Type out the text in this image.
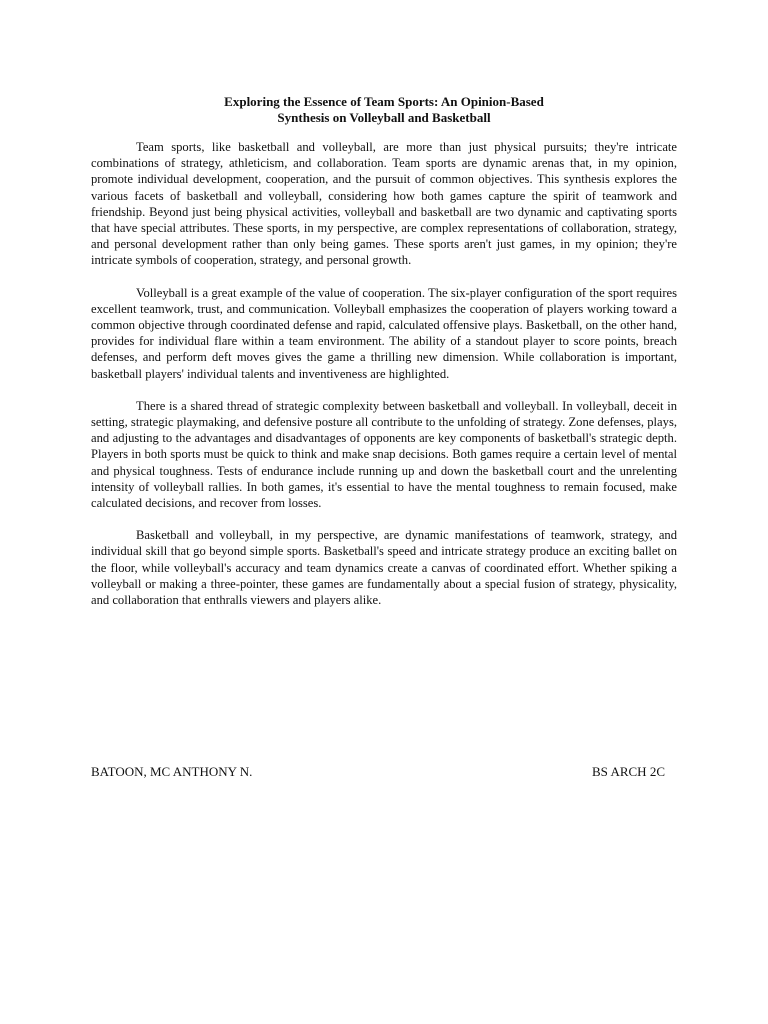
Exploring the Essence of Team Sports: An Opinion-Based
Synthesis on Volleyball and Basketball

Team sports, like basketball and volleyball, are more than just physical pursuits; they're intricate combinations of strategy, athleticism, and collaboration. Team sports are dynamic arenas that, in my opinion, promote individual development, cooperation, and the pursuit of common objectives. This synthesis explores the various facets of basketball and volleyball, considering how both games capture the spirit of teamwork and friendship. Beyond just being physical activities, volleyball and basketball are two dynamic and captivating sports that have special attributes. These sports, in my perspective, are complex representations of collaboration, strategy, and personal development rather than only being games. These sports aren't just games, in my opinion; they're intricate symbols of cooperation, strategy, and personal growth.

Volleyball is a great example of the value of cooperation. The six-player configuration of the sport requires excellent teamwork, trust, and communication. Volleyball emphasizes the cooperation of players working toward a common objective through coordinated defense and rapid, calculated offensive plays. Basketball, on the other hand, provides for individual flare within a team environment. The ability of a standout player to score points, breach defenses, and perform deft moves gives the game a thrilling new dimension. While collaboration is important, basketball players' individual talents and inventiveness are highlighted.

There is a shared thread of strategic complexity between basketball and volleyball. In volleyball, deceit in setting, strategic playmaking, and defensive posture all contribute to the unfolding of strategy. Zone defenses, plays, and adjusting to the advantages and disadvantages of opponents are key components of basketball's strategic depth. Players in both sports must be quick to think and make snap decisions. Both games require a certain level of mental and physical toughness. Tests of endurance include running up and down the basketball court and the unrelenting intensity of volleyball rallies. In both games, it's essential to have the mental toughness to remain focused, make calculated decisions, and recover from losses.

Basketball and volleyball, in my perspective, are dynamic manifestations of teamwork, strategy, and individual skill that go beyond simple sports. Basketball's speed and intricate strategy produce an exciting ballet on the floor, while volleyball's accuracy and team dynamics create a canvas of coordinated effort. Whether spiking a volleyball or making a three-pointer, these games are fundamentally about a special fusion of strategy, physicality, and collaboration that enthralls viewers and players alike.

BATOON, MC ANTHONY N.	BS ARCH 2C
